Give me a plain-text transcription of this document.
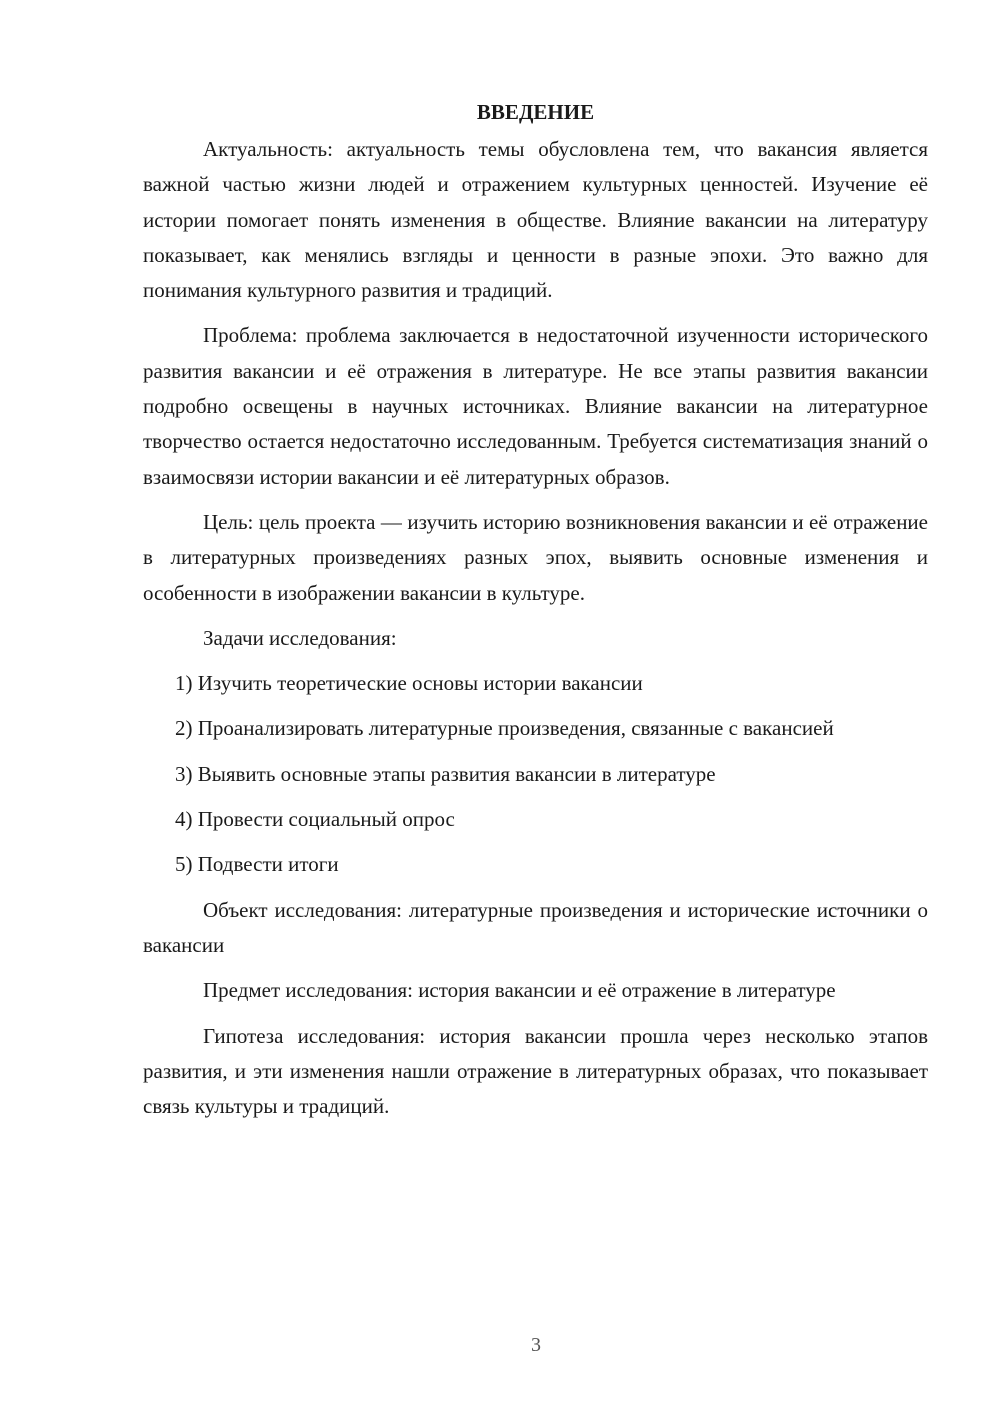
ВВЕДЕНИЕ

Актуальность: актуальность темы обусловлена тем, что вакансия является важной частью жизни людей и отражением культурных ценностей. Изучение её истории помогает понять изменения в обществе. Влияние вакансии на литературу показывает, как менялись взгляды и ценности в разные эпохи. Это важно для понимания культурного развития и традиций.

Проблема: проблема заключается в недостаточной изученности исторического развития вакансии и её отражения в литературе. Не все этапы развития вакансии подробно освещены в научных источниках. Влияние вакансии на литературное творчество остается недостаточно исследованным. Требуется систематизация знаний о взаимосвязи истории вакансии и её литературных образов.

Цель: цель проекта — изучить историю возникновения вакансии и её отражение в литературных произведениях разных эпох, выявить основные изменения и особенности в изображении вакансии в культуре.

Задачи исследования:

1) Изучить теоретические основы истории вакансии

2) Проанализировать литературные произведения, связанные с вакансией

3) Выявить основные этапы развития вакансии в литературе

4) Провести социальный опрос

5) Подвести итоги

Объект исследования: литературные произведения и исторические источники о вакансии

Предмет исследования: история вакансии и её отражение в литературе

Гипотеза исследования: история вакансии прошла через несколько этапов развития, и эти изменения нашли отражение в литературных образах, что показывает связь культуры и традиций.

3
